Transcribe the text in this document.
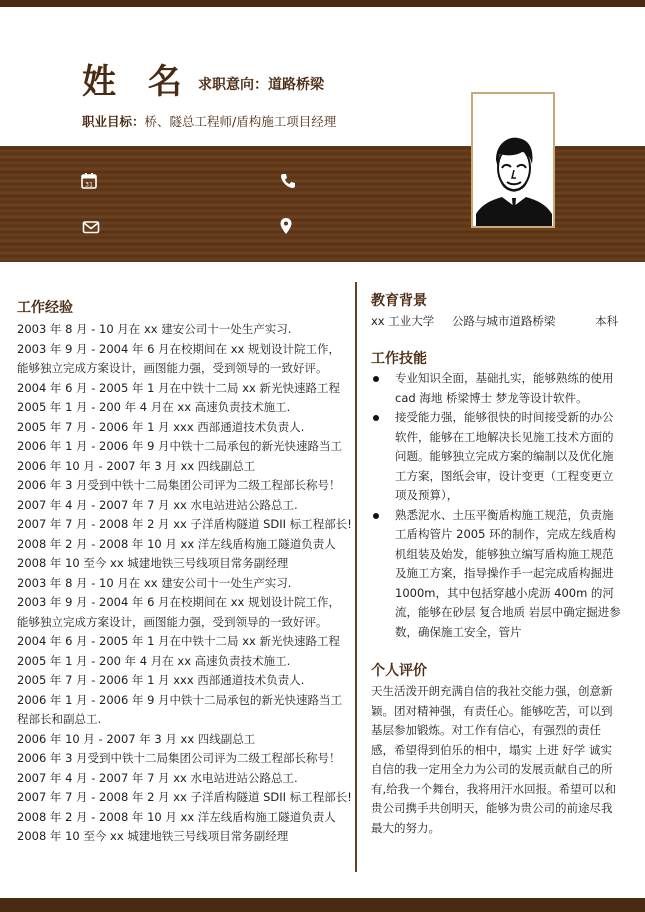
姓 名 求职意向：道路桥梁
职业目标：桥、隧总工程师/盾构施工项目经理
31
工作经验
2003 年 8 月 - 10 月在 xx 建安公司十一处生产实习.
2003 年 9 月 - 2004 年 6 月在校期间在 xx 规划设计院工作，
能够独立完成方案设计，画图能力强，受到领导的一致好评。
2004 年 6 月 - 2005 年 1 月在中铁十二局 xx 新光快速路工程
2005 年 1 月 - 200 年 4 月在 xx 高速负责技术施工.
2005 年 7 月 - 2006 年 1 月 xxx 西部通道技术负责人.
2006 年 1 月 - 2006 年 9 月中铁十二局承包的新光快速路当工
2006 年 10 月 - 2007 年 3 月 xx 四线副总工
2006 年 3 月受到中铁十二局集团公司评为二级工程部长称号！
2007 年 4 月 - 2007 年 7 月 xx 水电站进站公路总工.
2007 年 7 月 - 2008 年 2 月 xx 子洋盾构隧道 SDII 标工程部长!
2008 年 2 月 - 2008 年 10 月 xx 洋左线盾构施工隧道负责人
2008 年 10 至今 xx 城建地铁三号线项目常务副经理
2003 年 8 月 - 10 月在 xx 建安公司十一处生产实习.
2003 年 9 月 - 2004 年 6 月在校期间在 xx 规划设计院工作，
能够独立完成方案设计，画图能力强，受到领导的一致好评。
2004 年 6 月 - 2005 年 1 月在中铁十二局 xx 新光快速路工程
2005 年 1 月 - 200 年 4 月在 xx 高速负责技术施工.
2005 年 7 月 - 2006 年 1 月 xxx 西部通道技术负责人.
2006 年 1 月 - 2006 年 9 月中铁十二局承包的新光快速路当工
程部长和副总工.
2006 年 10 月 - 2007 年 3 月 xx 四线副总工
2006 年 3 月受到中铁十二局集团公司评为二级工程部长称号！
2007 年 4 月 - 2007 年 7 月 xx 水电站进站公路总工.
2007 年 7 月 - 2008 年 2 月 xx 子洋盾构隧道 SDII 标工程部长!
2008 年 2 月 - 2008 年 10 月 xx 洋左线盾构施工隧道负责人
2008 年 10 至今 xx 城建地铁三号线项目常务副经理
教育背景
xx 工业大学 公路与城市道路桥梁	本科
工作技能
专业知识全面，基础扎实，能够熟练的使用 cad 海地 桥梁博士 梦龙等设计软件。
接受能力强，能够很快的时间接受新的办公软件，能够在工地解决长见施工技术方面的问题。能够独立完成方案的编制以及优化施工方案，图纸会审，设计变更（工程变更立项及预算），
熟悉泥水、土压平衡盾构施工规范，负责施工盾构管片 2005 环的制作，完成左线盾构机组装及始发，能够独立编写盾构施工规范及施工方案，指导操作手一起完成盾构掘进 1000m，其中包括穿越小虎沥 400m 的河流，能够在砂层 复合地质 岩层中确定掘进参数，确保施工安全，管片
个人评价
天生活泼开朗充满自信的我社交能力强，创意新颖。团对精神强，有责任心。能够吃苦，可以到基层参加锻炼。对工作有信心，有强烈的责任感，希望得到伯乐的相中，塌实 上进 好学 诚实 自信的我一定用全力为公司的发展贡献自己的所有,给我一个舞台，我将用汗水回报。希望可以和贵公司携手共创明天，能够为贵公司的前途尽我最大的努力。
